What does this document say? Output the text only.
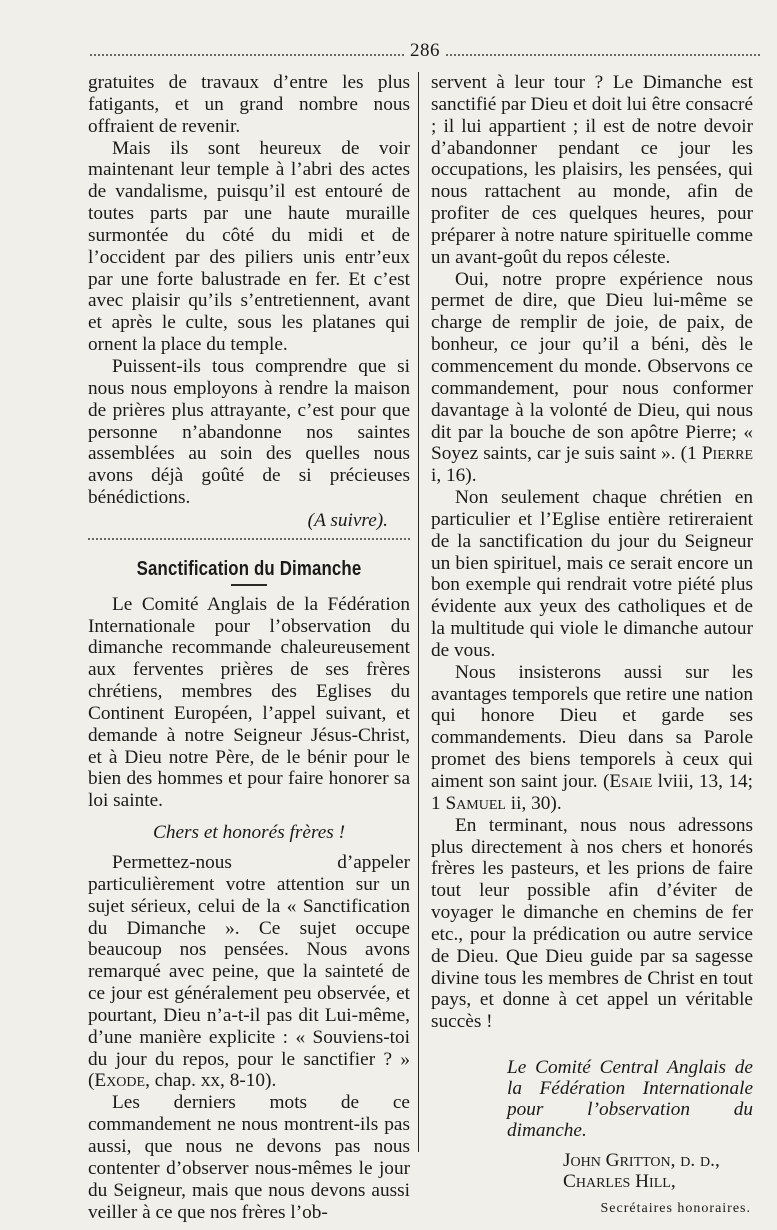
286

gratuites de travaux d’entre les plus fatigants, et un grand nombre nous offraient de revenir.

Mais ils sont heureux de voir maintenant leur temple à l’abri des actes de vandalisme, puisqu’il est entouré de toutes parts par une haute muraille surmontée du côté du midi et de l’occident par des piliers unis entr’eux par une forte balustrade en fer. Et c’est avec plaisir qu’ils s’entretiennent, avant et après le culte, sous les platanes qui ornent la place du temple.

Puissent-ils tous comprendre que si nous nous employons à rendre la maison de prières plus attrayante, c’est pour que personne n’abandonne nos saintes assemblées au soin des quelles nous avons déjà goûté de si précieuses bénédictions.

(A suivre).

Sanctification du Dimanche

Le Comité Anglais de la Fédération Internationale pour l’observation du dimanche recommande chaleureusement aux ferventes prières de ses frères chrétiens, membres des Eglises du Continent Européen, l’appel suivant, et demande à notre Seigneur Jésus-Christ, et à Dieu notre Père, de le bénir pour le bien des hommes et pour faire honorer sa loi sainte.

Chers et honorés frères !

Permettez-nous d’appeler particulièrement votre attention sur un sujet sérieux, celui de la « Sanctification du Dimanche ». Ce sujet occupe beaucoup nos pensées. Nous avons remarqué avec peine, que la sainteté de ce jour est généralement peu observée, et pourtant, Dieu n’a-t-il pas dit Lui-même, d’une manière explicite : « Souviens-toi du jour du repos, pour le sanctifier ? » (Exode, chap. xx, 8-10).

Les derniers mots de ce commandement ne nous montrent-ils pas aussi, que nous ne devons pas nous contenter d’observer nous-mêmes le jour du Seigneur, mais que nous devons aussi veiller à ce que nos frères l’ob-

servent à leur tour ? Le Dimanche est sanctifié par Dieu et doit lui être consacré ; il lui appartient ; il est de notre devoir d’abandonner pendant ce jour les occupations, les plaisirs, les pensées, qui nous rattachent au monde, afin de profiter de ces quelques heures, pour préparer à notre nature spirituelle comme un avant-goût du repos céleste.

Oui, notre propre expérience nous permet de dire, que Dieu lui-même se charge de remplir de joie, de paix, de bonheur, ce jour qu’il a béni, dès le commencement du monde. Observons ce commandement, pour nous conformer davantage à la volonté de Dieu, qui nous dit par la bouche de son apôtre Pierre; « Soyez saints, car je suis saint ». (1 Pierre i, 16).

Non seulement chaque chrétien en particulier et l’Eglise entière retireraient de la sanctification du jour du Seigneur un bien spirituel, mais ce serait encore un bon exemple qui rendrait votre piété plus évidente aux yeux des catholiques et de la multitude qui viole le dimanche autour de vous.

Nous insisterons aussi sur les avantages temporels que retire une nation qui honore Dieu et garde ses commandements. Dieu dans sa Parole promet des biens temporels à ceux qui aiment son saint jour. (Esaie lviii, 13, 14; 1 Samuel ii, 30).

En terminant, nous nous adressons plus directement à nos chers et honorés frères les pasteurs, et les prions de faire tout leur possible afin d’éviter de voyager le dimanche en chemins de fer etc., pour la prédication ou autre service de Dieu. Que Dieu guide par sa sagesse divine tous les membres de Christ en tout pays, et donne à cet appel un véritable succès !

Le Comité Central Anglais de la Fédération Internationale pour l’observation du dimanche.

John Gritton, d. d.,
Charles Hill,
Secrétaires honoraires.
